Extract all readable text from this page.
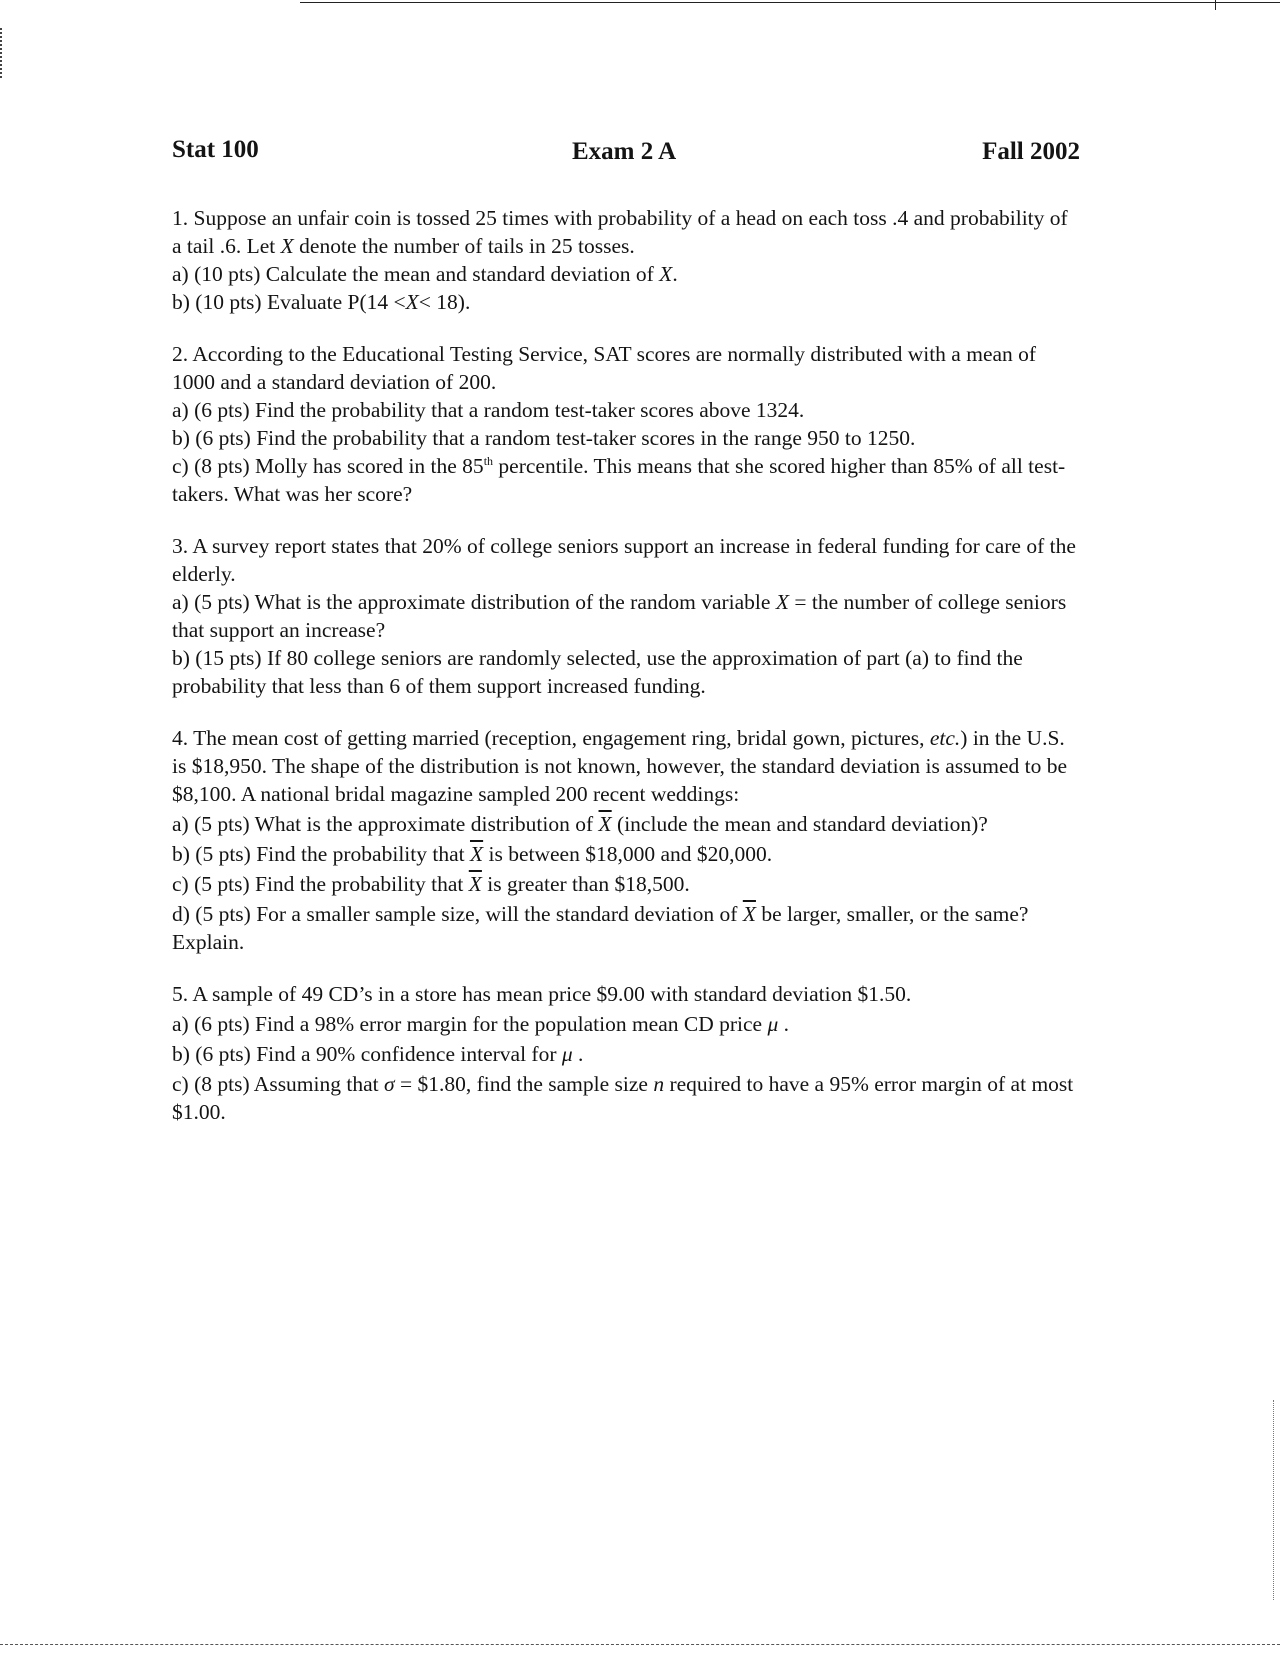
Stat 100	Exam 2 A	Fall 2002

1. Suppose an unfair coin is tossed 25 times with probability of a head on each toss .4 and probability of a tail .6. Let X denote the number of tails in 25 tosses.

a) (10 pts) Calculate the mean and standard deviation of X.

b) (10 pts) Evaluate P(14 <X< 18).

2. According to the Educational Testing Service, SAT scores are normally distributed with a mean of 1000 and a standard deviation of 200.

a) (6 pts) Find the probability that a random test-taker scores above 1324.

b) (6 pts) Find the probability that a random test-taker scores in the range 950 to 1250.

c) (8 pts) Molly has scored in the 85th percentile. This means that she scored higher than 85% of all test-takers. What was her score?

3. A survey report states that 20% of college seniors support an increase in federal funding for care of the elderly.

a) (5 pts) What is the approximate distribution of the random variable X = the number of college seniors that support an increase?

b) (15 pts) If 80 college seniors are randomly selected, use the approximation of part (a) to find the probability that less than 6 of them support increased funding.

4. The mean cost of getting married (reception, engagement ring, bridal gown, pictures, etc.) in the U.S. is $18,950. The shape of the distribution is not known, however, the standard deviation is assumed to be $8,100. A national bridal magazine sampled 200 recent weddings:

a) (5 pts) What is the approximate distribution of $\overline{X}$ (include the mean and standard deviation)?

b) (5 pts) Find the probability that $\overline{X}$ is between $18,000 and $20,000.

c) (5 pts) Find the probability that $\overline{X}$ is greater than $18,500.

d) (5 pts) For a smaller sample size, will the standard deviation of $\overline{X}$ be larger, smaller, or the same? Explain.

5. A sample of 49 CD’s in a store has mean price $9.00 with standard deviation $1.50.

a) (6 pts) Find a 98% error margin for the population mean CD price μ .

b) (6 pts) Find a 90% confidence interval for μ .

c) (8 pts) Assuming that σ = $1.80, find the sample size n required to have a 95% error margin of at most $1.00.
